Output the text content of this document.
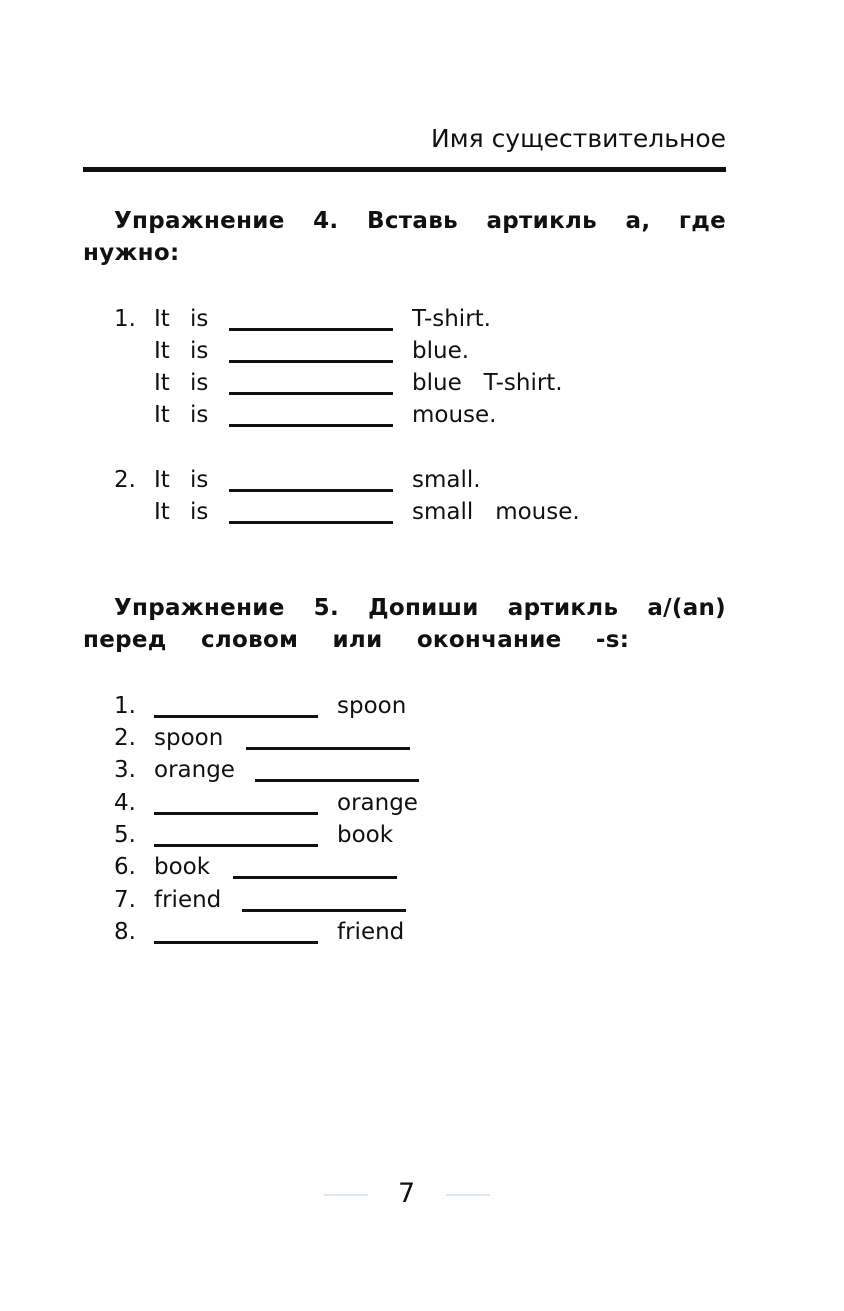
Имя существительное
Упражнение 4. Вставь артикль а, где
нужно:
1. It is	T-shirt.
It is	blue.
It is	blue   T-shirt.
It is	mouse.
2. It is	small.
It is	small   mouse.
Упражнение 5. Допиши артикль a/(an)
перед словом или окончание -s:
1.	spoon
2. spoon
3. orange
4.	orange
5.	book
6. book
7. friend
8.	friend
7
